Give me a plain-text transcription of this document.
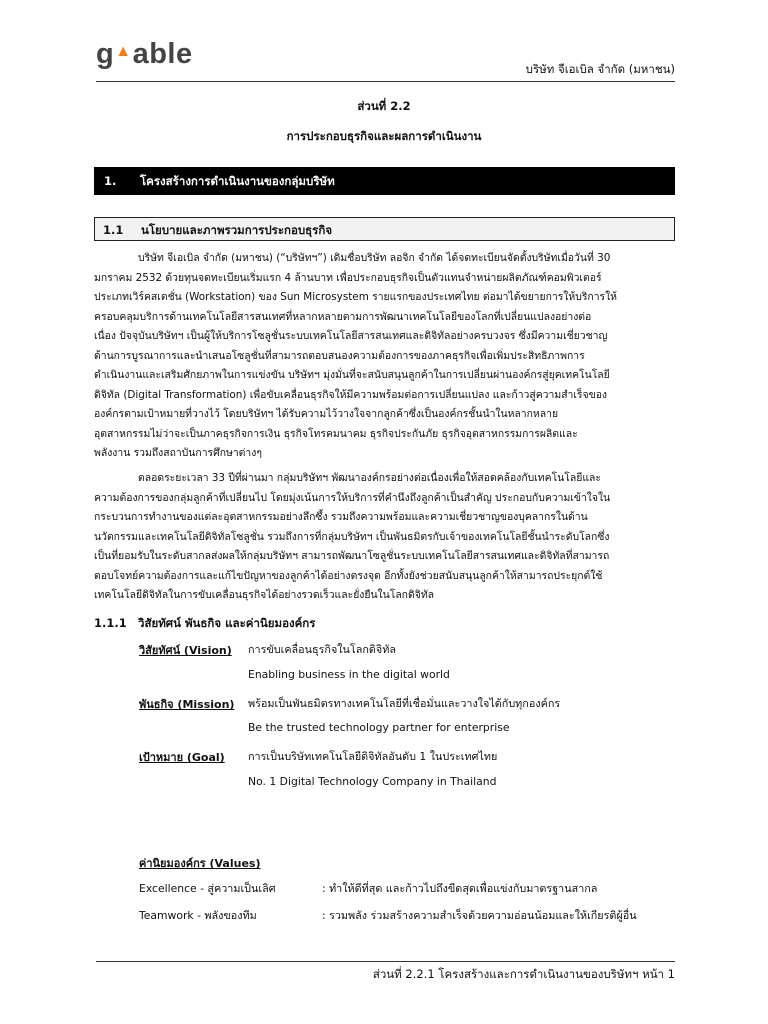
g▲able	บริษัท จีเอเบิล จำกัด (มหาชน)
ส่วนที่ 2.2
การประกอบธุรกิจและผลการดำเนินงาน
1. โครงสร้างการดำเนินงานของกลุ่มบริษัท
1.1 นโยบายและภาพรวมการประกอบธุรกิจ
บริษัท จีเอเบิล จำกัด (มหาชน) (“บริษัทฯ”) เดิมชื่อบริษัท ลอจิก จำกัด ได้จดทะเบียนจัดตั้งบริษัทเมื่อวันที่ 30
มกราคม 2532 ด้วยทุนจดทะเบียนเริ่มแรก 4 ล้านบาท เพื่อประกอบธุรกิจเป็นตัวแทนจำหน่ายผลิตภัณฑ์คอมพิวเตอร์
ประเภทเวิร์คสเตชั่น (Workstation) ของ Sun Microsystem รายแรกของประเทศไทย ต่อมาได้ขยายการให้บริการให้
ครอบคลุมบริการด้านเทคโนโลยีสารสนเทศที่หลากหลายตามการพัฒนาเทคโนโลยีของโลกที่เปลี่ยนแปลงอย่างต่อ
เนื่อง ปัจจุบันบริษัทฯ เป็นผู้ให้บริการโซลูชั่นระบบเทคโนโลยีสารสนเทศและดิจิทัลอย่างครบวงจร ซึ่งมีความเชี่ยวชาญ
ด้านการบูรณาการและนำเสนอโซลูชั่นที่สามารถตอบสนองความต้องการของภาคธุรกิจเพื่อเพิ่มประสิทธิภาพการ
ดำเนินงานและเสริมศักยภาพในการแข่งขัน บริษัทฯ มุ่งมั่นที่จะสนับสนุนลูกค้าในการเปลี่ยนผ่านองค์กรสู่ยุคเทคโนโลยี
ดิจิทัล (Digital Transformation) เพื่อขับเคลื่อนธุรกิจให้มีความพร้อมต่อการเปลี่ยนแปลง และก้าวสู่ความสำเร็จของ
องค์กรตามเป้าหมายที่วางไว้ โดยบริษัทฯ ได้รับความไว้วางใจจากลูกค้าซึ่งเป็นองค์กรชั้นนำในหลากหลาย
อุตสาหกรรมไม่ว่าจะเป็นภาคธุรกิจการเงิน ธุรกิจโทรคมนาคม ธุรกิจประกันภัย ธุรกิจอุตสาหกรรมการผลิตและ
พลังงาน รวมถึงสถาบันการศึกษาต่างๆ
ตลอดระยะเวลา 33 ปีที่ผ่านมา กลุ่มบริษัทฯ พัฒนาองค์กรอย่างต่อเนื่องเพื่อให้สอดคล้องกับเทคโนโลยีและ
ความต้องการของกลุ่มลูกค้าที่เปลี่ยนไป โดยมุ่งเน้นการให้บริการที่คำนึงถึงลูกค้าเป็นสำคัญ ประกอบกับความเข้าใจใน
กระบวนการทำงานของแต่ละอุตสาหกรรมอย่างลึกซึ้ง รวมถึงความพร้อมและความเชี่ยวชาญของบุคลากรในด้าน
นวัตกรรมและเทคโนโลยีดิจิทัลโซลูชั่น รวมถึงการที่กลุ่มบริษัทฯ เป็นพันธมิตรกับเจ้าของเทคโนโลยีชั้นนำระดับโลกซึ่ง
เป็นที่ยอมรับในระดับสากลส่งผลให้กลุ่มบริษัทฯ สามารถพัฒนาโซลูชั่นระบบเทคโนโลยีสารสนเทศและดิจิทัลที่สามารถ
ตอบโจทย์ความต้องการและแก้ไขปัญหาของลูกค้าได้อย่างตรงจุด อีกทั้งยังช่วยสนับสนุนลูกค้าให้สามารถประยุกต์ใช้
เทคโนโลยีดิจิทัลในการขับเคลื่อนธุรกิจได้อย่างรวดเร็วและยั่งยืนในโลกดิจิทัล
1.1.1 วิสัยทัศน์ พันธกิจ และค่านิยมองค์กร
วิสัยทัศน์ (Vision) การขับเคลื่อนธุรกิจในโลกดิจิทัล
Enabling business in the digital world
พันธกิจ (Mission) พร้อมเป็นพันธมิตรทางเทคโนโลยีที่เชื่อมั่นและวางใจได้กับทุกองค์กร
Be the trusted technology partner for enterprise
เป้าหมาย (Goal) การเป็นบริษัทเทคโนโลยีดิจิทัลอันดับ 1 ในประเทศไทย
No. 1 Digital Technology Company in Thailand
ค่านิยมองค์กร (Values)
Excellence - สู่ความเป็นเลิศ	: ทำให้ดีที่สุด และก้าวไปถึงขีดสุดเพื่อแข่งกับมาตรฐานสากล
Teamwork - พลังของทีม	: รวมพลัง ร่วมสร้างความสำเร็จด้วยความอ่อนน้อมและให้เกียรติผู้อื่น
ส่วนที่ 2.2.1 โครงสร้างและการดำเนินงานของบริษัทฯ หน้า 1
